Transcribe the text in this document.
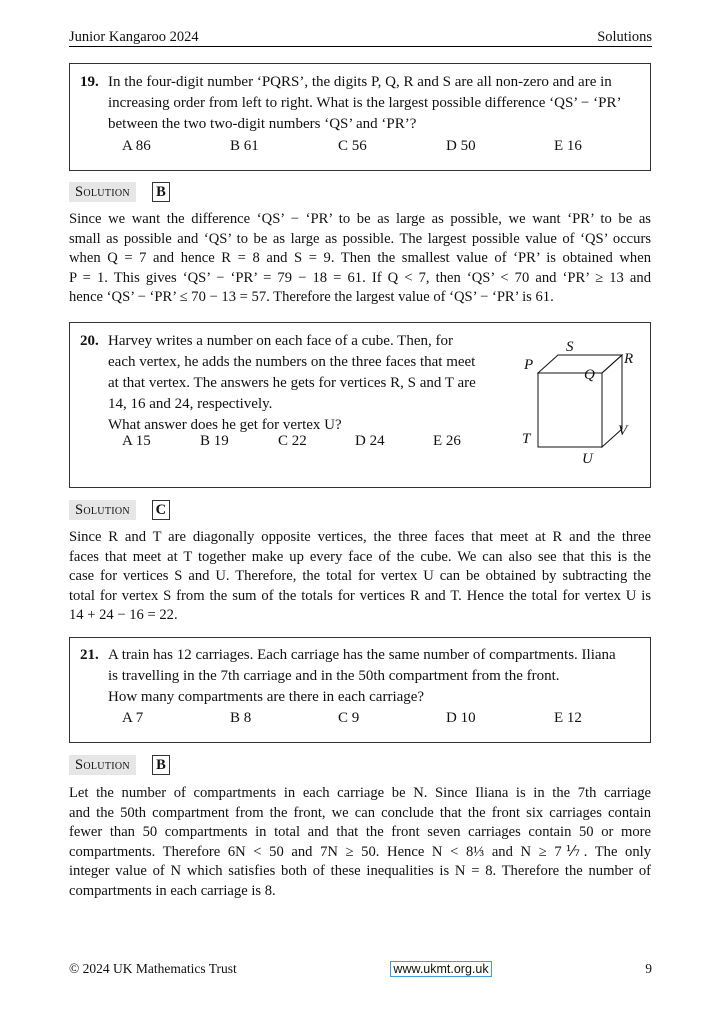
Junior Kangaroo 2024	Solutions
19. In the four-digit number ‘PQRS’, the digits P, Q, R and S are all non-zero and are in
increasing order from left to right. What is the largest possible difference ‘QS’ − ‘PR’
between the two two-digit numbers ‘QS’ and ‘PR’?
A 86	B 61	C 56	D 50	E 16
Solution	B
Since we want the difference ‘QS’ − ‘PR’ to be as large as possible, we want ‘PR’ to be as
small as possible and ‘QS’ to be as large as possible. The largest possible value of ‘QS’ occurs
when Q = 7 and hence R = 8 and S = 9. Then the smallest value of ‘PR’ is obtained when
P = 1. This gives ‘QS’ − ‘PR’ = 79 − 18 = 61. If Q < 7, then ‘QS’ < 70 and ‘PR’ ≥ 13 and
hence ‘QS’ − ‘PR’ ≤ 70 − 13 = 57. Therefore the largest value of ‘QS’ − ‘PR’ is 61.
20. Harvey writes a number on each face of a cube. Then, for
each vertex, he adds the numbers on the three faces that meet
at that vertex. The answers he gets for vertices R, S and T are
14, 16 and 24, respectively.
What answer does he get for vertex U?
A 15	B 19	C 22	D 24	E 26
P
S
R
Q
T	V
U
Solution	C
Since R and T are diagonally opposite vertices, the three faces that meet at R and the three
faces that meet at T together make up every face of the cube. We can also see that this is the
case for vertices S and U. Therefore, the total for vertex U can be obtained by subtracting the
total for vertex S from the sum of the totals for vertices R and T. Hence the total for vertex U is
14 + 24 − 16 = 22.
21. A train has 12 carriages. Each carriage has the same number of compartments. Iliana
is travelling in the 7th carriage and in the 50th compartment from the front.
How many compartments are there in each carriage?
A 7	B 8	C 9	D 10	E 12
Solution	B
Let the number of compartments in each carriage be N. Since Iliana is in the 7th carriage
and the 50th compartment from the front, we can conclude that the front six carriages contain
fewer than 50 compartments in total and that the front seven carriages contain 50 or more
compartments. Therefore 6N < 50 and 7N ≥ 50. Hence N < 8⅓ and N ≥ 7⅐. The only
integer value of N which satisfies both of these inequalities is N = 8. Therefore the number of
compartments in each carriage is 8.
© 2024 UK Mathematics Trust	www.ukmt.org.uk	9
